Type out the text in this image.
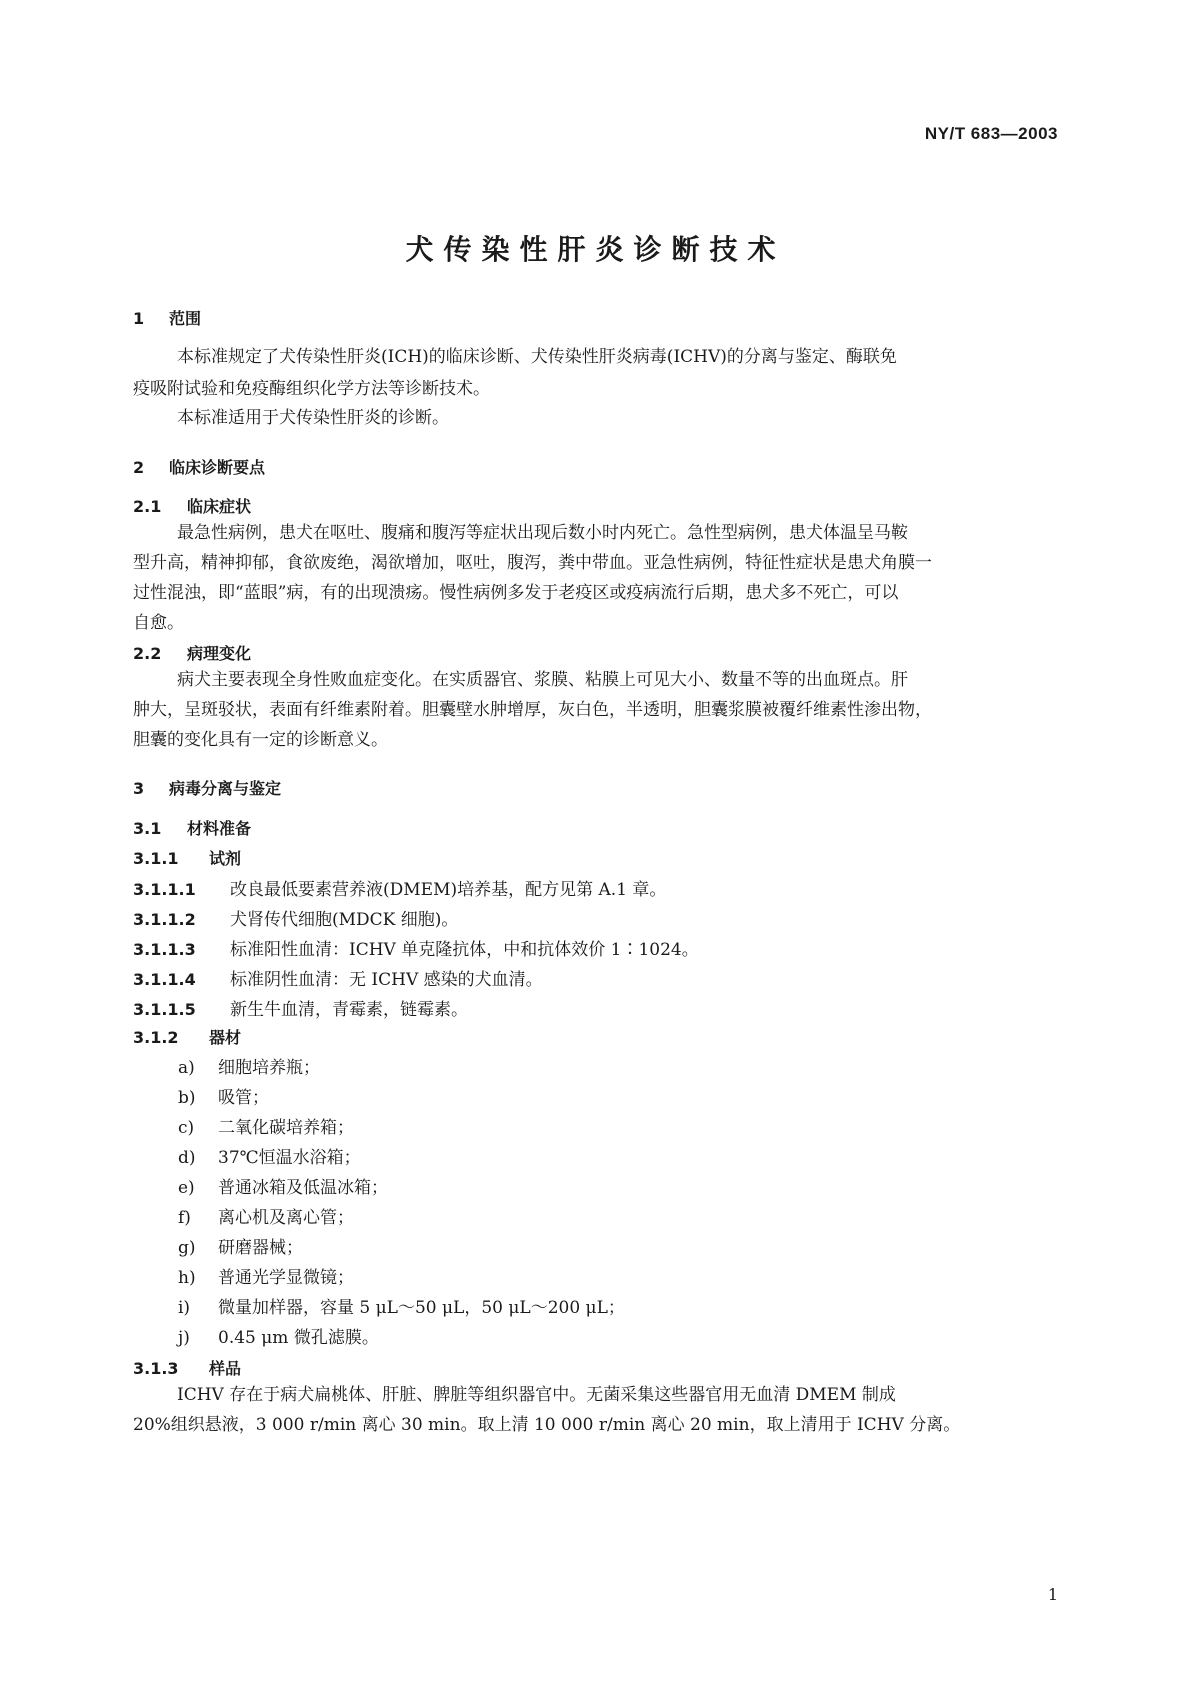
NY/T 683—2003
犬传染性肝炎诊断技术
1 范围
本标准规定了犬传染性肝炎(ICH)的临床诊断、犬传染性肝炎病毒(ICHV)的分离与鉴定、酶联免
疫吸附试验和免疫酶组织化学方法等诊断技术。
本标准适用于犬传染性肝炎的诊断。
2 临床诊断要点
2.1 临床症状
最急性病例，患犬在呕吐、腹痛和腹泻等症状出现后数小时内死亡。急性型病例，患犬体温呈马鞍
型升高，精神抑郁，食欲废绝，渴欲增加，呕吐，腹泻，粪中带血。亚急性病例，特征性症状是患犬角膜一
过性混浊，即“蓝眼”病，有的出现溃疡。慢性病例多发于老疫区或疫病流行后期，患犬多不死亡，可以
自愈。
2.2 病理变化
病犬主要表现全身性败血症变化。在实质器官、浆膜、粘膜上可见大小、数量不等的出血斑点。肝
肿大，呈斑驳状，表面有纤维素附着。胆囊壁水肿增厚，灰白色，半透明，胆囊浆膜被覆纤维素性渗出物，
胆囊的变化具有一定的诊断意义。
3 病毒分离与鉴定
3.1 材料准备
3.1.1 试剂
3.1.1.1 改良最低要素营养液(DMEM)培养基，配方见第 A.1 章。
3.1.1.2 犬肾传代细胞(MDCK 细胞)。
3.1.1.3 标准阳性血清：ICHV 单克隆抗体，中和抗体效价 1∶1024。
3.1.1.4 标准阴性血清：无 ICHV 感染的犬血清。
3.1.1.5 新生牛血清，青霉素，链霉素。
3.1.2 器材
a) 细胞培养瓶；
b) 吸管；
c) 二氧化碳培养箱；
d) 37℃恒温水浴箱；
e) 普通冰箱及低温冰箱；
f) 离心机及离心管；
g) 研磨器械；
h) 普通光学显微镜；
i) 微量加样器，容量 5 μL～50 μL，50 μL～200 μL；
j) 0.45 μm 微孔滤膜。
3.1.3 样品
ICHV 存在于病犬扁桃体、肝脏、脾脏等组织器官中。无菌采集这些器官用无血清 DMEM 制成
20%组织悬液，3 000 r/min 离心 30 min。取上清 10 000 r/min 离心 20 min，取上清用于 ICHV 分离。
1
